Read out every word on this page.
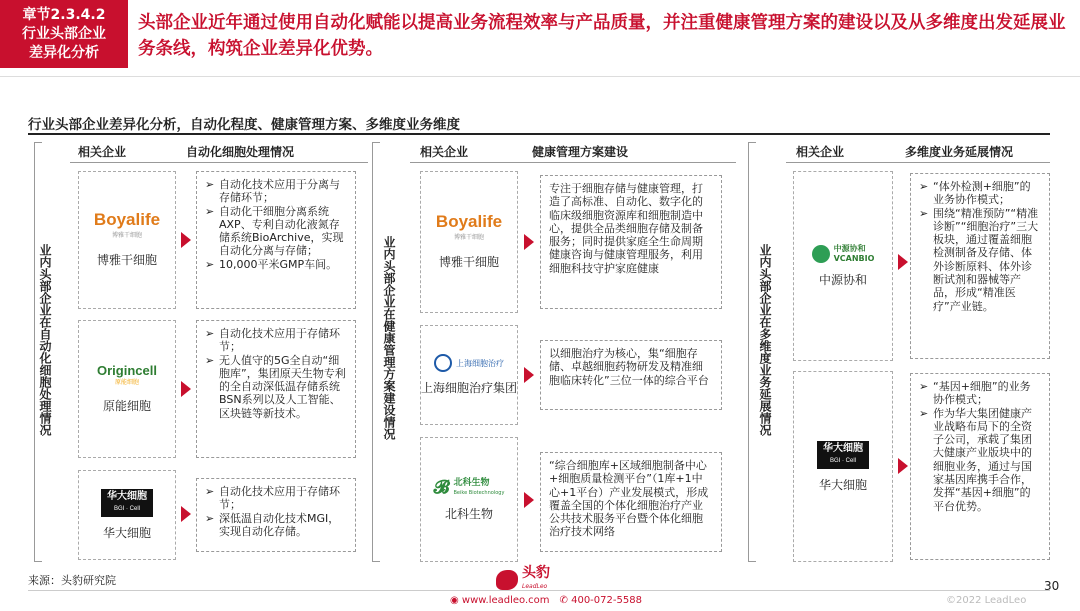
章节2.3.4.2
行业头部企业
差异化分析
头部企业近年通过使用自动化赋能以提高业务流程效率与产品质量，并注重健康管理方案的建设以及从多维度出发延展业务条线，构筑企业差异化优势。
行业头部企业差异化分析，自动化程度、健康管理方案、多维度业务维度
相关企业	自动化细胞处理情况
业内头部企业在自动化细胞处理情况
Boyalife
博雅干细胞
博雅干细胞
➢ 自动化技术应用于分离与存储环节；
➢ 自动化干细胞分离系统AXP、专利自动化液氮存储系统BioArchive，实现自动化分离与存储；
➢ 10,000平米GMP车间。
Origincell
原能细胞
原能细胞
➢ 自动化技术应用于存储环节；
➢ 无人值守的5G全自动“细胞库”，集团原天生物专利的全自动深低温存储系统BSN系列以及人工智能、区块链等新技术。
华大细胞
BGI · Cell
华大细胞
➢ 自动化技术应用于存储环节；
➢ 深低温自动化技术MGI，实现自动化存储。
相关企业	健康管理方案建设
业内头部企业在健康管理方案建设情况
Boyalife
博雅干细胞
博雅干细胞

专注于细胞存储与健康管理，打造了高标准、自动化、数字化的临床级细胞资源库和细胞制造中心，提供全品类细胞存储及制备服务；同时提供家庭全生命周期健康咨询与健康管理服务，利用细胞科技守护家庭健康

上海细胞治疗
上海细胞治疗集团

以细胞治疗为核心，集“细胞存储、卓越细胞药物研发及精准细胞临床转化”三位一体的综合平台

𝓑 北科生物
Beike Biotechnology
北科生物

“综合细胞库+区域细胞制备中心+细胞质量检测平台”（1库+1中心+1平台）产业发展模式，形成覆盖全国的个体化细胞治疗产业公共技术服务平台暨个体化细胞治疗技术网络

相关企业	多维度业务延展情况
业内头部企业在多维度业务延展情况	中源协和
VCANBIO
中源协和
➢ “体外检测+细胞”的业务协作模式；
➢ 围绕“精准预防”“精准诊断”“细胞治疗”三大板块，通过覆盖细胞检测制备及存储、体外诊断原料、体外诊断试剂和器械等产品，形成“精准医疗”产业链。
华大细胞
BGI · Cell
华大细胞
➢ “基因+细胞”的业务协作模式；
➢ 作为华大集团健康产业战略布局下的全资子公司，承载了集团大健康产业版块中的细胞业务，通过与国家基因库携手合作，发挥“基因+细胞”的平台优势。
来源：头豹研究院	头豹
LeadLeo
◉ www.leadleo.com ✆ 400-072-5588	©2022 LeadLeo
30
